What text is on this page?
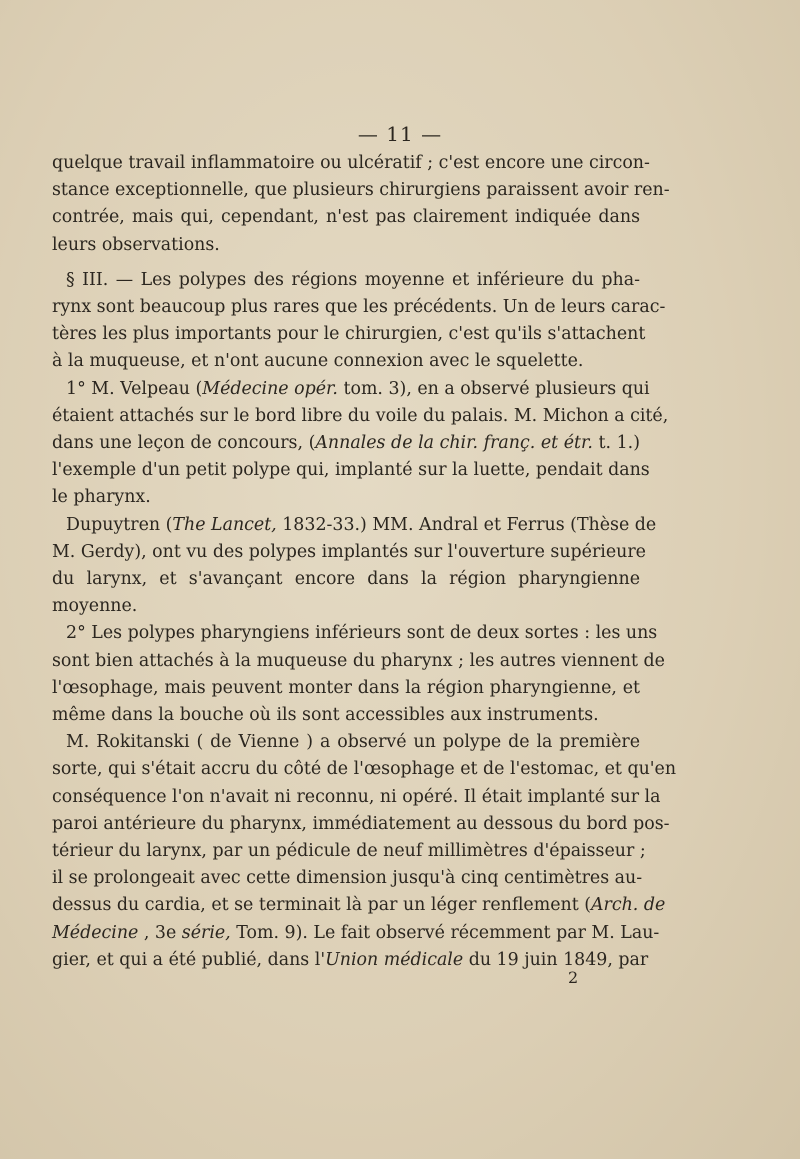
— 11 —
quelque travail inflammatoire ou ulcératif ; c'est encore une circon-
stance exceptionnelle, que plusieurs chirurgiens paraissent avoir ren-
contrée, mais qui, cependant, n'est pas clairement indiquée dans
leurs observations.
§ III. — Les polypes des régions moyenne et inférieure du pha-
rynx sont beaucoup plus rares que les précédents. Un de leurs carac-
tères les plus importants pour le chirurgien, c'est qu'ils s'attachent
à la muqueuse, et n'ont aucune connexion avec le squelette.
1° M. Velpeau (Médecine opér. tom. 3), en a observé plusieurs qui
étaient attachés sur le bord libre du voile du palais. M. Michon a cité,
dans une leçon de concours, (Annales de la chir. franç. et étr. t. 1.)
l'exemple d'un petit polype qui, implanté sur la luette, pendait dans
le pharynx.
Dupuytren (The Lancet, 1832-33.) MM. Andral et Ferrus (Thèse de
M. Gerdy), ont vu des polypes implantés sur l'ouverture supérieure
du larynx, et s'avançant encore dans la région pharyngienne
moyenne.
2° Les polypes pharyngiens inférieurs sont de deux sortes : les uns
sont bien attachés à la muqueuse du pharynx ; les autres viennent de
l'œsophage, mais peuvent monter dans la région pharyngienne, et
même dans la bouche où ils sont accessibles aux instruments.
M. Rokitanski ( de Vienne ) a observé un polype de la première
sorte, qui s'était accru du côté de l'œsophage et de l'estomac, et qu'en
conséquence l'on n'avait ni reconnu, ni opéré. Il était implanté sur la
paroi antérieure du pharynx, immédiatement au dessous du bord pos-
térieur du larynx, par un pédicule de neuf millimètres d'épaisseur ;
il se prolongeait avec cette dimension jusqu'à cinq centimètres au-
dessus du cardia, et se terminait là par un léger renflement (Arch. de
Médecine , 3e série, Tom. 9). Le fait observé récemment par M. Lau-
gier, et qui a été publié, dans l'Union médicale du 19 juin 1849, par
2
